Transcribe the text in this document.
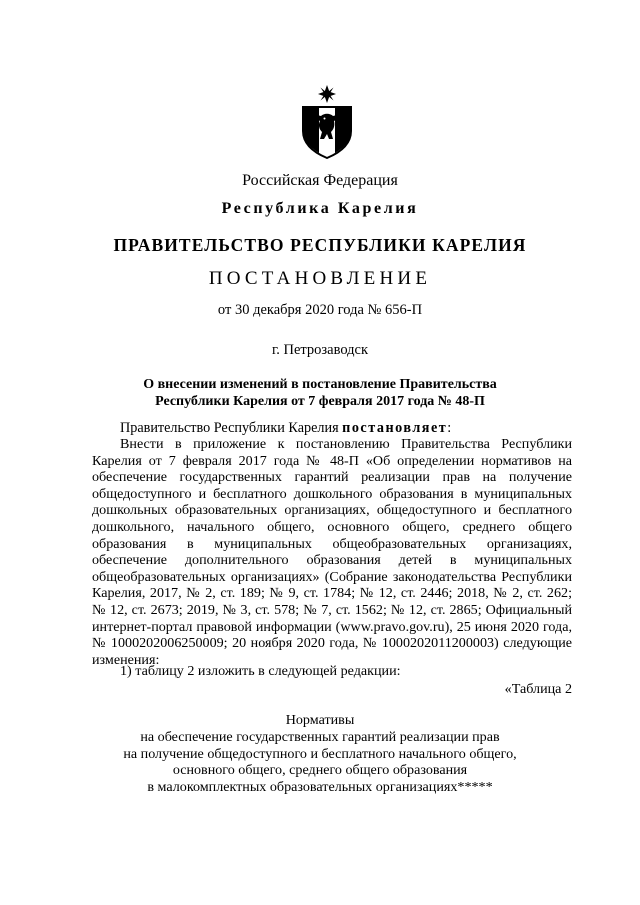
Российская Федерация
Республика Карелия
ПРАВИТЕЛЬСТВО РЕСПУБЛИКИ КАРЕЛИЯ
ПОСТАНОВЛЕНИЕ
от 30 декабря 2020 года № 656-П
г. Петрозаводск
О внесении изменений в постановление Правительства
Республики Карелия от 7 февраля 2017 года № 48-П
Правительство Республики Карелия постановляет:
Внести в приложение к постановлению Правительства Республики
Карелия от 7 февраля 2017 года № 48-П «Об определении нормативов на
обеспечение государственных гарантий реализации прав на получение
общедоступного и бесплатного дошкольного образования в муниципальных
дошкольных образовательных организациях, общедоступного и бесплатного
дошкольного, начального общего, основного общего, среднего общего
образования в муниципальных общеобразовательных организациях,
обеспечение дополнительного образования детей в муниципальных
общеобразовательных организациях» (Собрание законодательства Республики
Карелия, 2017, № 2, ст. 189; № 9, ст. 1784; № 12, ст. 2446; 2018, № 2, ст. 262;
№ 12, ст. 2673; 2019, № 3, ст. 578; № 7, ст. 1562; № 12, ст. 2865; Официальный
интернет-портал правовой информации (www.pravo.gov.ru), 25 июня 2020 года,
№ 1000202006250009; 20 ноября 2020 года, № 1000202011200003) следующие
изменения:
1) таблицу 2 изложить в следующей редакции:
«Таблица 2
Нормативы
на обеспечение государственных гарантий реализации прав
на получение общедоступного и бесплатного начального общего,
основного общего, среднего общего образования
в малокомплектных образовательных организациях*****
